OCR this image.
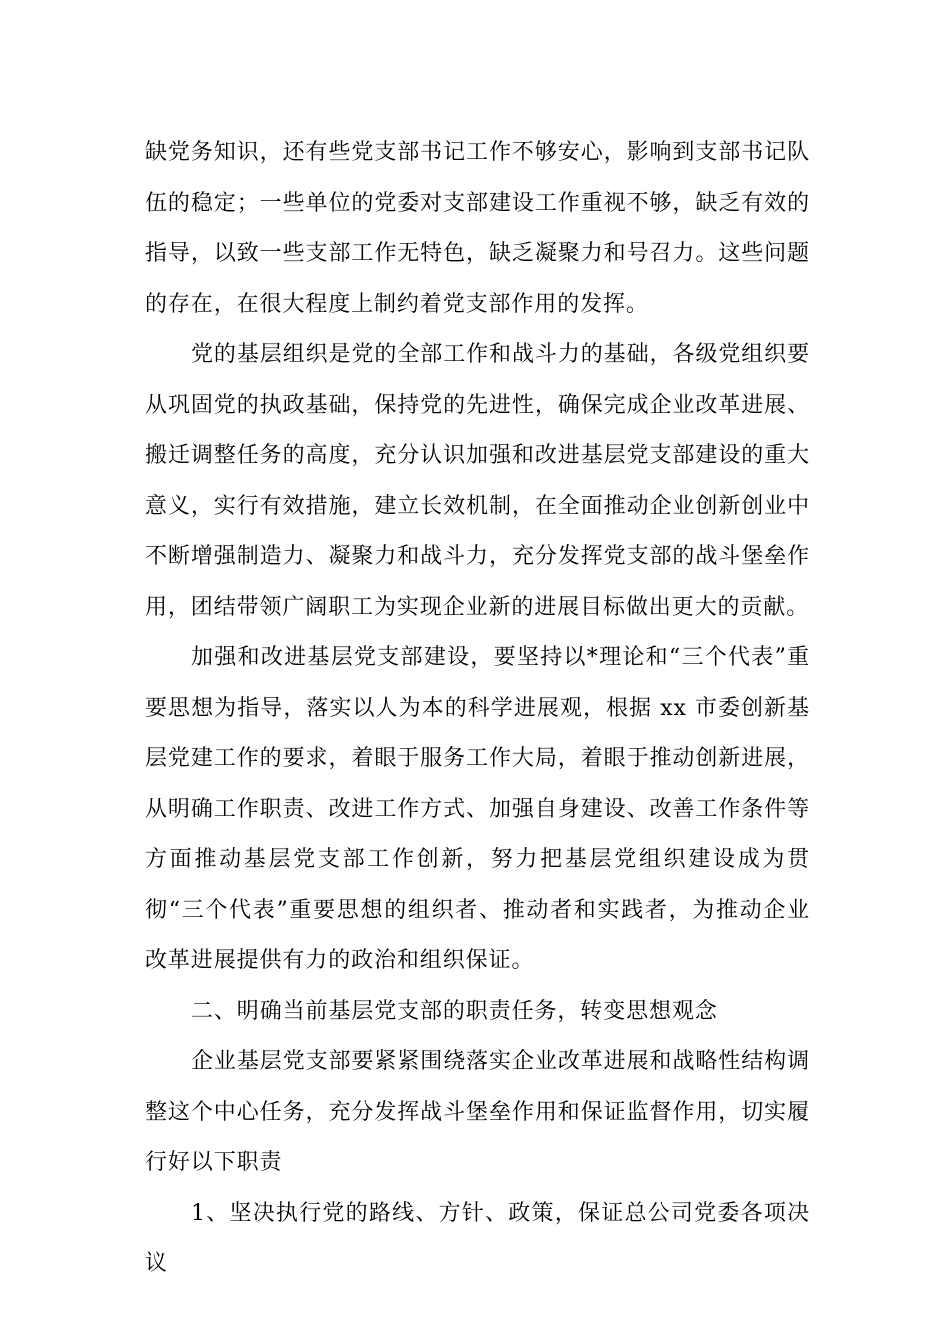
缺党务知识，还有些党支部书记工作不够安心，影响到支部书记队伍的稳定；一些单位的党委对支部建设工作重视不够，缺乏有效的指导，以致一些支部工作无特色，缺乏凝聚力和号召力。这些问题的存在，在很大程度上制约着党支部作用的发挥。

党的基层组织是党的全部工作和战斗力的基础，各级党组织要从巩固党的执政基础，保持党的先进性，确保完成企业改革进展、搬迁调整任务的高度，充分认识加强和改进基层党支部建设的重大意义，实行有效措施，建立长效机制，在全面推动企业创新创业中不断增强制造力、凝聚力和战斗力，充分发挥党支部的战斗堡垒作用，团结带领广阔职工为实现企业新的进展目标做出更大的贡献。

加强和改进基层党支部建设，要坚持以*理论和“三个代表”重要思想为指导，落实以人为本的科学进展观，根据 xx 市委创新基层党建工作的要求，着眼于服务工作大局，着眼于推动创新进展，从明确工作职责、改进工作方式、加强自身建设、改善工作条件等方面推动基层党支部工作创新，努力把基层党组织建设成为贯彻“三个代表”重要思想的组织者、推动者和实践者，为推动企业改革进展提供有力的政治和组织保证。

二、明确当前基层党支部的职责任务，转变思想观念

企业基层党支部要紧紧围绕落实企业改革进展和战略性结构调整这个中心任务，充分发挥战斗堡垒作用和保证监督作用，切实履行好以下职责

1、坚决执行党的路线、方针、政策，保证总公司党委各项决议
